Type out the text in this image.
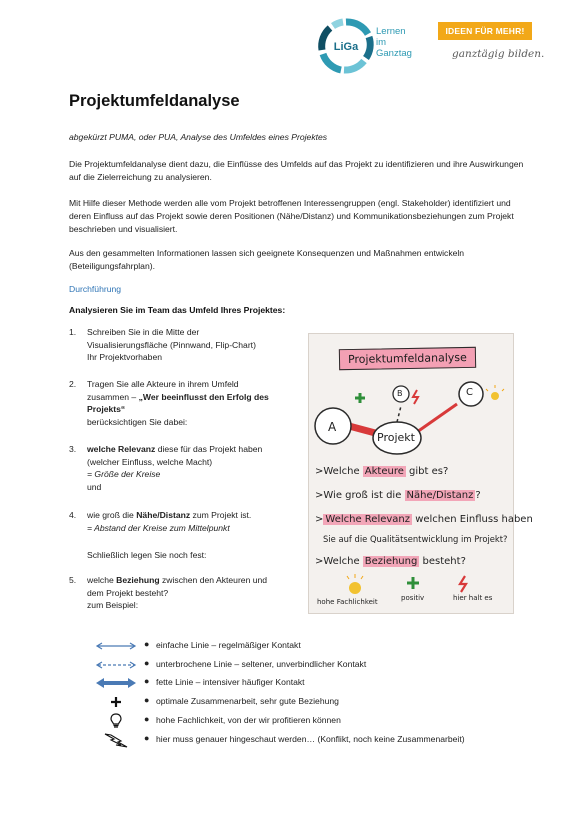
LiGa
Lernen
im
Ganztag
IDEEN FÜR MEHR!
ganztägig bilden.
Projektumfeldanalyse
abgekürzt PUMA, oder PUA, Analyse des Umfeldes eines Projektes
Die Projektumfeldanalyse dient dazu, die Einflüsse des Umfelds auf das Projekt zu identifizieren und ihre Auswirkungen auf die Zielerreichung zu analysieren.
Mit Hilfe dieser Methode werden alle vom Projekt betroffenen Interessengruppen (engl. Stakeholder) identifiziert und deren Einfluss auf das Projekt sowie deren Positionen (Nähe/Distanz) und Kommunikationsbeziehungen zum Projekt beschrieben und visualisiert.
Aus den gesammelten Informationen lassen sich geeignete Konsequenzen und Maßnahmen entwickeln (Beteiligungsfahrplan).
Durchführung
Analysieren Sie im Team das Umfeld Ihres Projektes:
1. Schreiben Sie in die Mitte der
Visualisierungsfläche (Pinnwand, Flip-Chart)
Ihr Projektvorhaben
2. Tragen Sie alle Akteure in ihrem Umfeld
zusammen – „Wer beeinflusst den Erfolg des
Projekts“
berücksichtigen Sie dabei:
3. welche Relevanz diese für das Projekt haben
(welcher Einfluss, welche Macht)
= Größe der Kreise
und
4. wie groß die Nähe/Distanz zum Projekt ist.
= Abstand der Kreise zum Mittelpunkt
Schließlich legen Sie noch fest:
5. welche Beziehung zwischen den Akteuren und
dem Projekt besteht?
zum Beispiel:
Projektumfeldanalyse
A
B	C
Projekt
>Welche Akteure gibt es?
>Wie groß ist die Nähe/Distanz ?
> Welche Relevanz welchen Einfluss haben
Sie auf die Qualitätsentwicklung im Projekt?
>Welche Beziehung besteht?
hohe Fachlichkeit	positiv	hier halt es
● einfache Linie – regelmäßiger Kontakt
● unterbrochene Linie – seltener, unverbindlicher Kontakt
● fette Linie – intensiver häufiger Kontakt
● optimale Zusammenarbeit, sehr gute Beziehung
● hohe Fachlichkeit, von der wir profitieren können
● hier muss genauer hingeschaut werden… (Konflikt, noch keine Zusammenarbeit)
